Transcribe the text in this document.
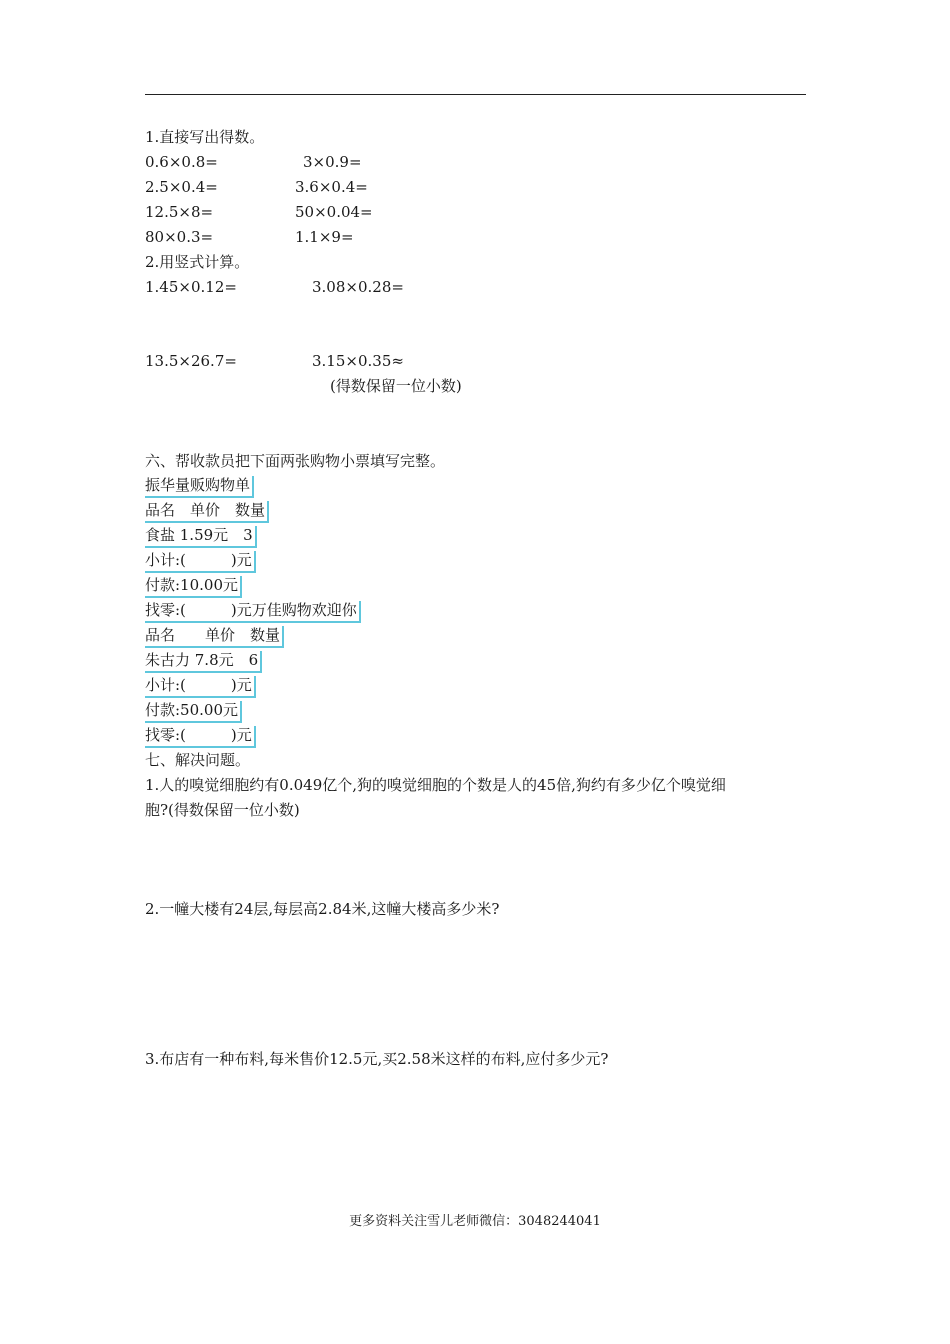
1.直接写出得数。
0.6×0.8=	3×0.9=
2.5×0.4=	3.6×0.4=
12.5×8=	50×0.04=
80×0.3=	1.1×9=
2.用竖式计算。
1.45×0.12=	3.08×0.28=
13.5×26.7=	3.15×0.35≈
(得数保留一位小数)
六、帮收款员把下面两张购物小票填写完整。
振华量贩购物单
品名　单价　数量
食盐 1.59元　3
小计:(　　　)元
付款:10.00元
找零:(　　　)元万佳购物欢迎你
品名　　单价　数量
朱古力 7.8元　6
小计:(　　　)元
付款:50.00元
找零:(　　　)元
七、解决问题。
1.人的嗅觉细胞约有0.049亿个,狗的嗅觉细胞的个数是人的45倍,狗约有多少亿个嗅觉细
胞?(得数保留一位小数)
2.一幢大楼有24层,每层高2.84米,这幢大楼高多少米?
3.布店有一种布料,每米售价12.5元,买2.58米这样的布料,应付多少元?
更多资料关注雪儿老师微信：3048244041
